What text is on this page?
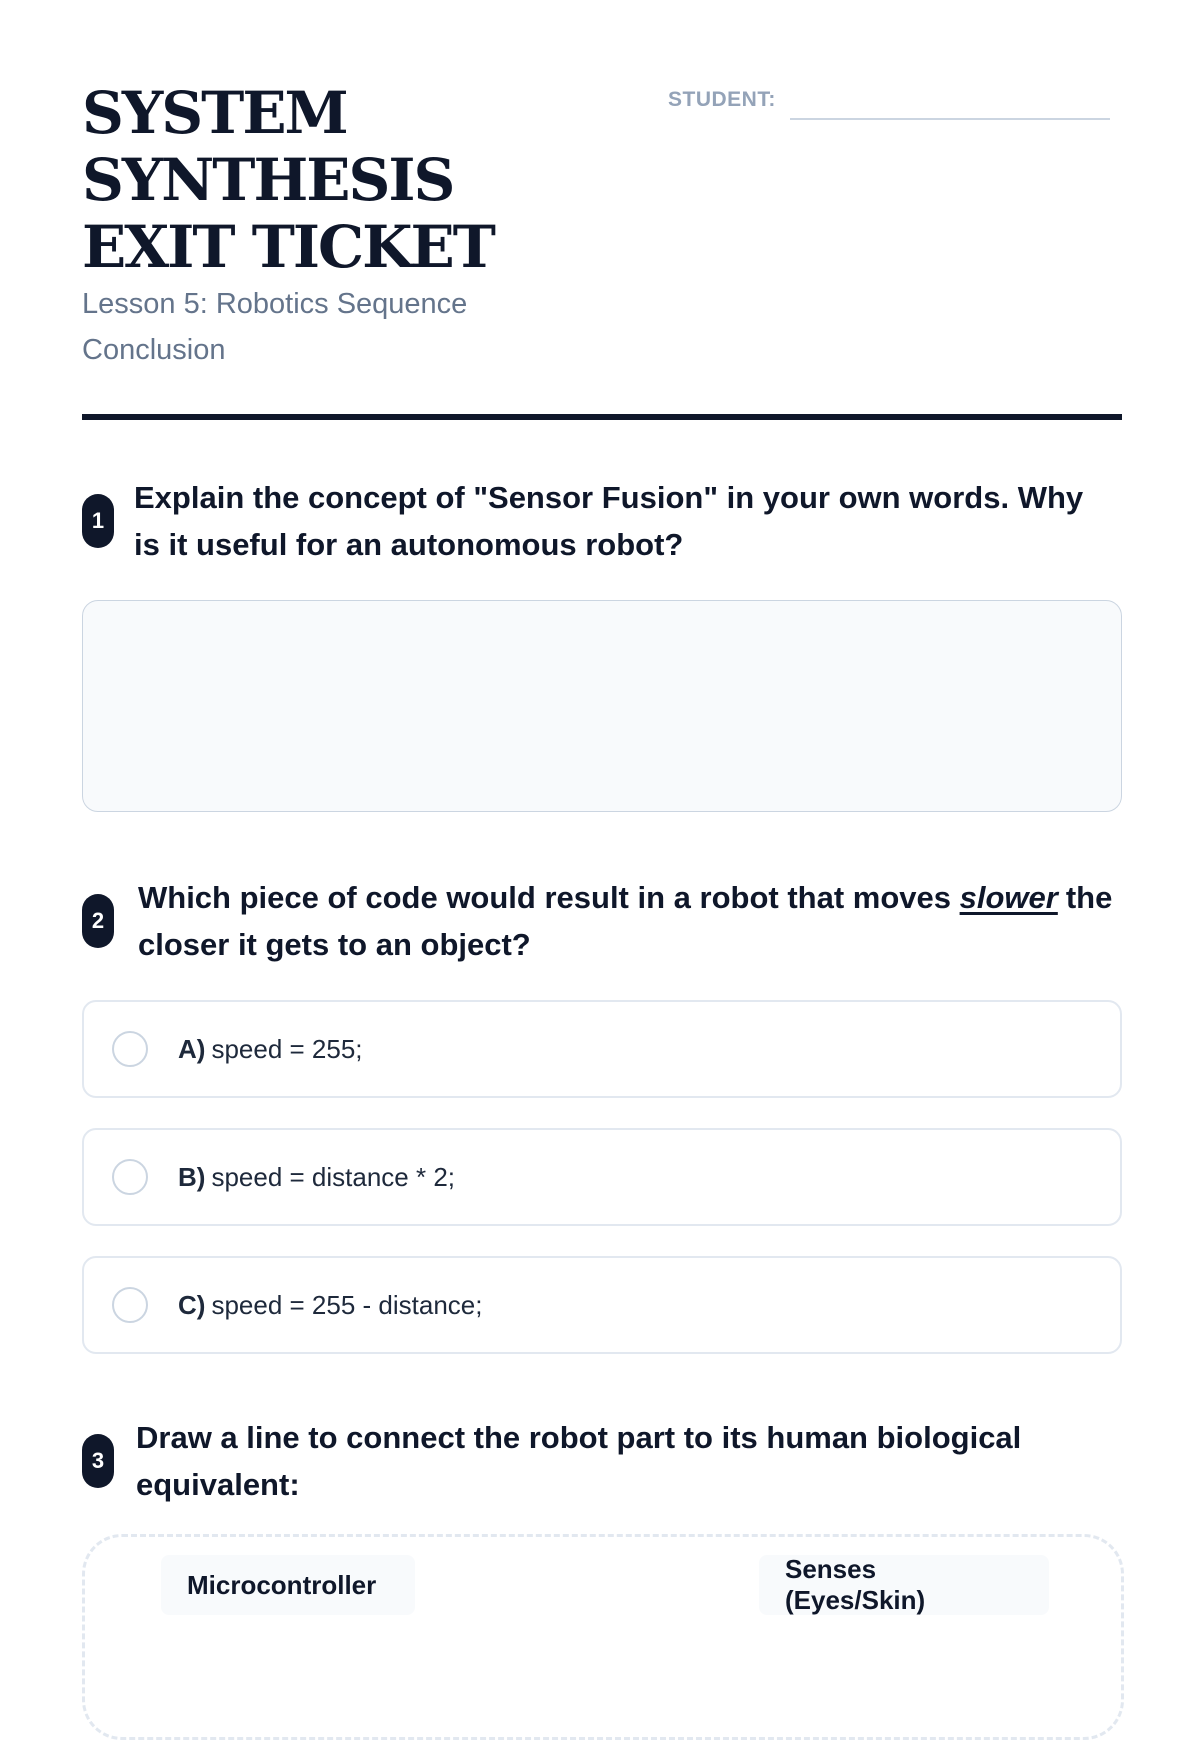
SYSTEM SYNTHESIS EXIT TICKET
Lesson 5: Robotics Sequence Conclusion
STUDENT:
1
Explain the concept of "Sensor Fusion" in your own words. Why is it useful for an autonomous robot?
2
Which piece of code would result in a robot that moves slower the closer it gets to an object?
A) speed = 255;
B) speed = distance * 2;
C) speed = 255 - distance;
3
Draw a line to connect the robot part to its human biological equivalent:
Microcontroller
Senses (Eyes/Skin)
